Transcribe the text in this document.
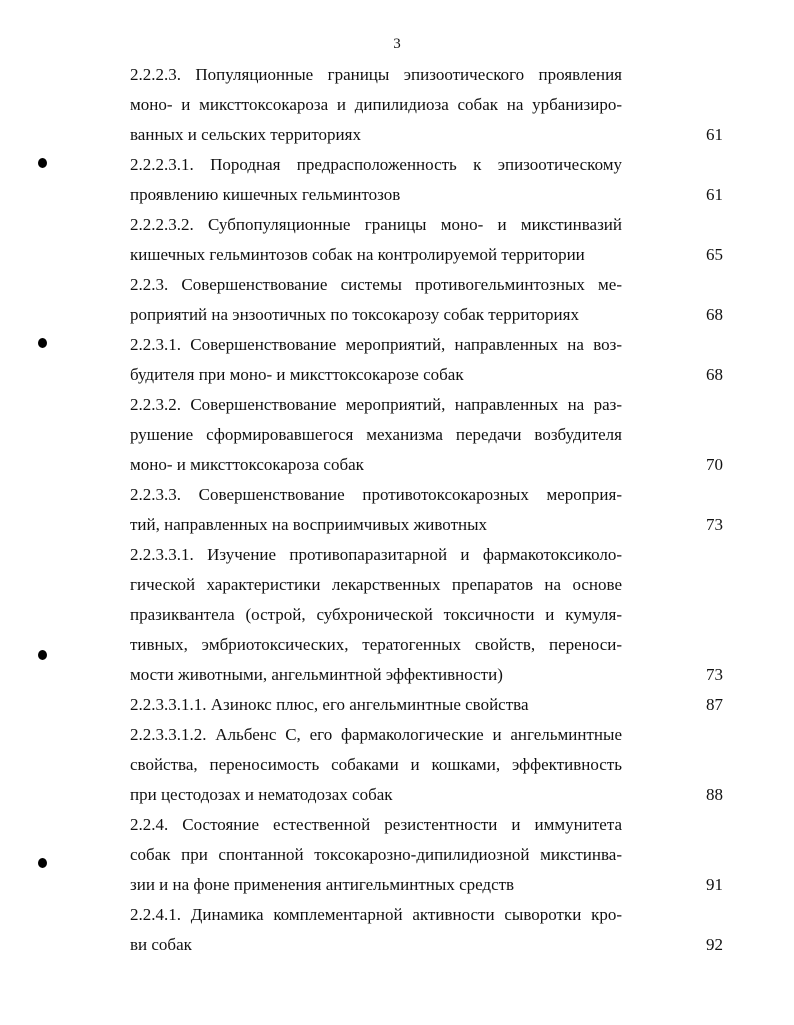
3
2.2.2.3. Популяционные границы эпизоотического проявления
моно- и миксттоксокароза и дипилидиоза собак на урбанизиро-
ванных и сельских территориях	61
2.2.2.3.1. Породная предрасположенность к эпизоотическому
проявлению кишечных гельминтозов	61
2.2.2.3.2. Субпопуляционные границы моно- и микстинвазий
кишечных гельминтозов собак на контролируемой территории	65
2.2.3. Совершенствование системы противогельминтозных ме-
роприятий на энзоотичных по токсокарозу собак территориях	68
2.2.3.1. Совершенствование мероприятий, направленных на воз-
будителя при моно- и миксттоксокарозе собак	68
2.2.3.2. Совершенствование мероприятий, направленных на раз-
рушение сформировавшегося механизма передачи возбудителя
моно- и миксттоксокароза собак	70
2.2.3.3. Совершенствование противотоксокарозных мероприя-
тий, направленных на восприимчивых животных	73
2.2.3.3.1. Изучение противопаразитарной и фармакотоксиколо-
гической характеристики лекарственных препаратов на основе
празиквантела (острой, субхронической токсичности и кумуля-
тивных, эмбриотоксических, тератогенных свойств, переноси-
мости животными, ангельминтной эффективности)	73
2.2.3.3.1.1. Азинокс плюс, его ангельминтные свойства	87
2.2.3.3.1.2. Альбенс С, его фармакологические и ангельминтные
свойства, переносимость собаками и кошками, эффективность
при цестодозах и нематодозах собак	88
2.2.4. Состояние естественной резистентности и иммунитета
собак при спонтанной токсокарозно-дипилидиозной микстинва-
зии и на фоне применения антигельминтных средств	91
2.2.4.1. Динамика комплементарной активности сыворотки кро-
ви собак	92
